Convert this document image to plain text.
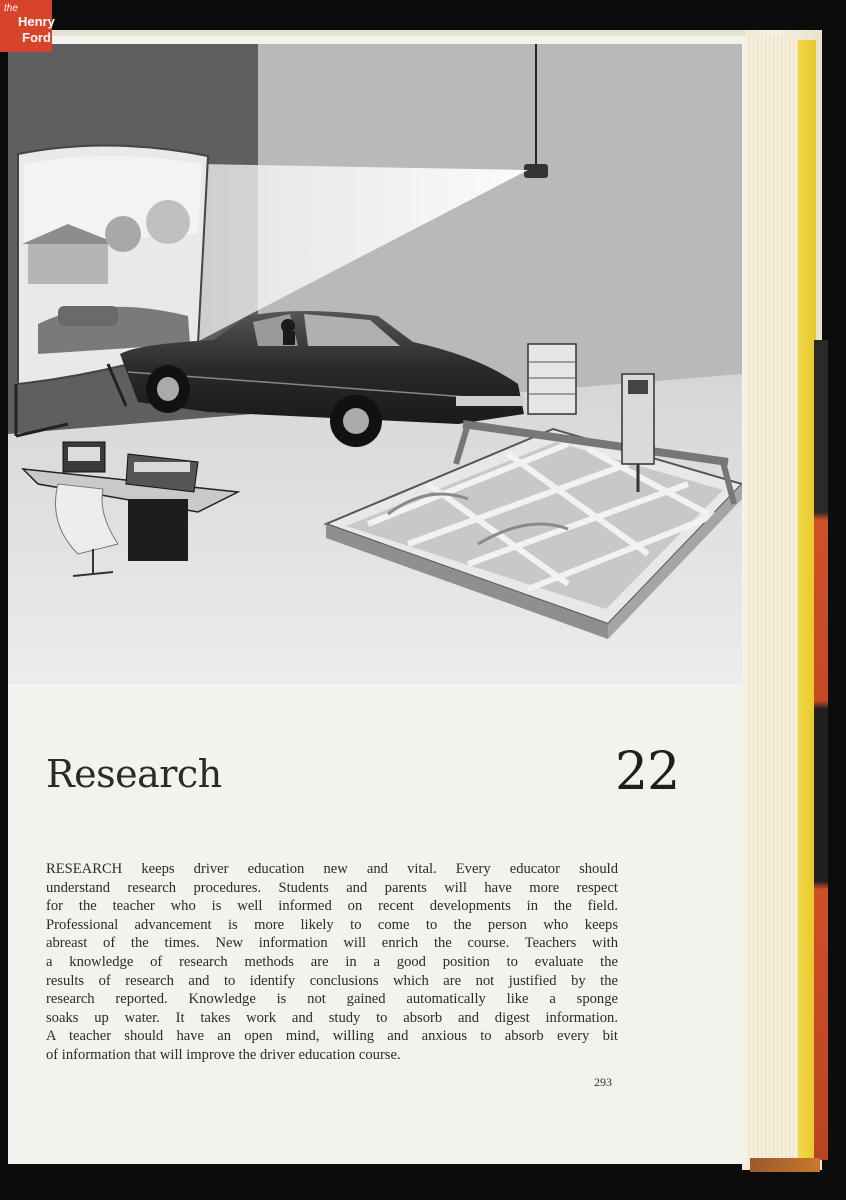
the
Henry
Ford
Research	22
RESEARCH keeps driver education new and vital. Every educator should
understand research procedures. Students and parents will have more respect
for the teacher who is well informed on recent developments in the field.
Professional advancement is more likely to come to the person who keeps
abreast of the times. New information will enrich the course. Teachers with
a knowledge of research methods are in a good position to evaluate the
results of research and to identify conclusions which are not justified by the
research reported. Knowledge is not gained automatically like a sponge
soaks up water. It takes work and study to absorb and digest information.
A teacher should have an open mind, willing and anxious to absorb every bit
of information that will improve the driver education course.
293
